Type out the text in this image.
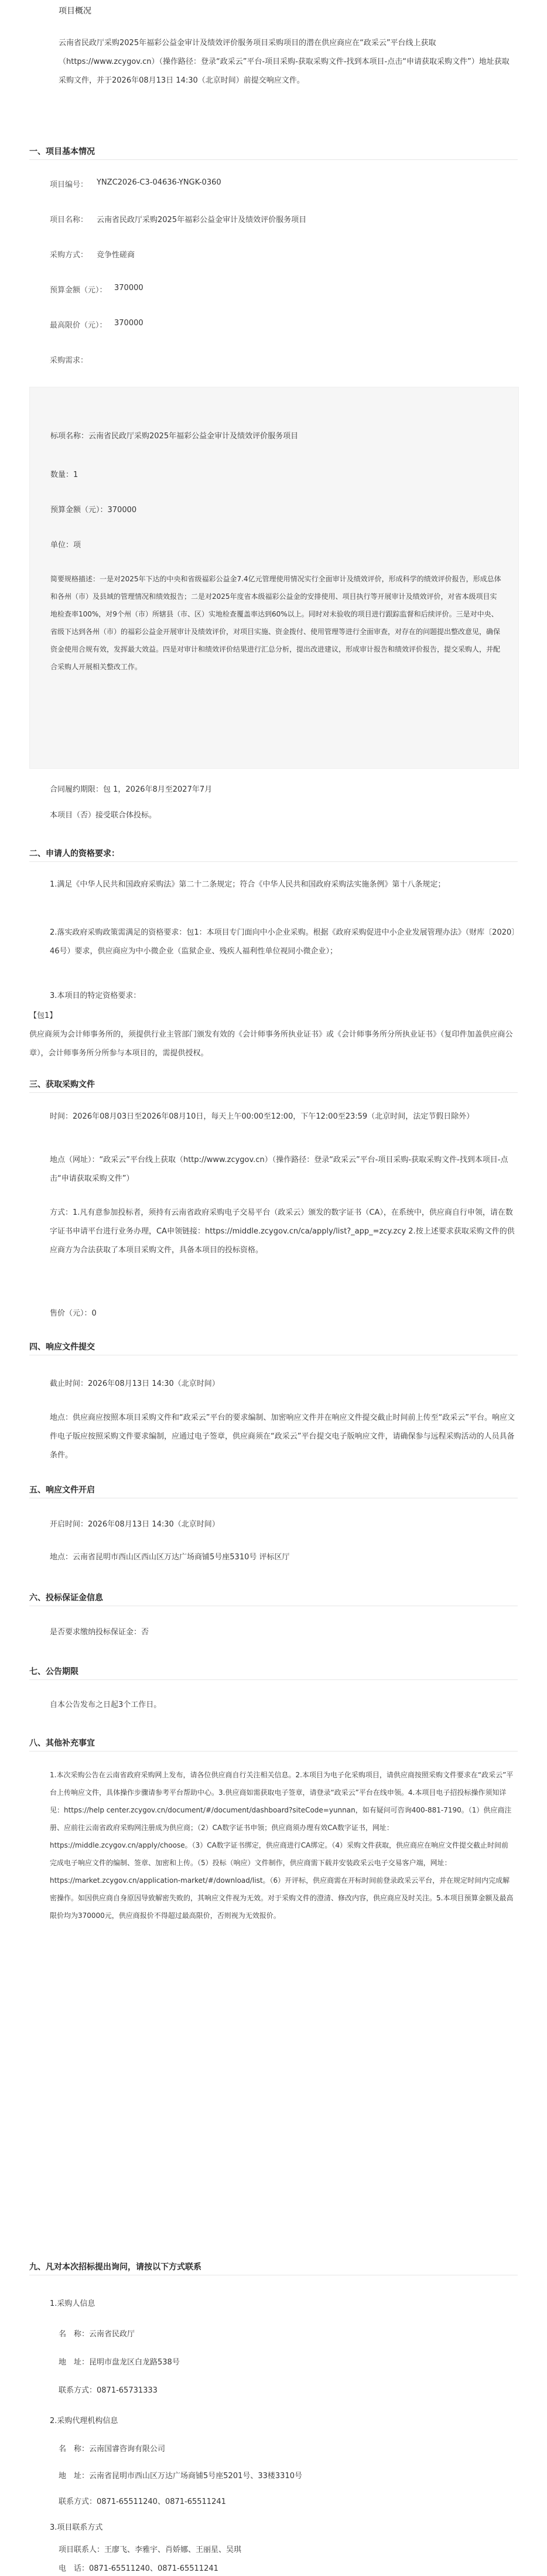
项目概况
云南省民政厅采购2025年福彩公益金审计及绩效评价服务项目采购项目的潜在供应商应在“政采云”平台线上获取（https://www.zcygov.cn）（操作路径：登录“政采云”平台-项目采购-获取采购文件-找到本项目-点击“申请获取采购文件”）地址获取采购文件，并于2026年08月13日 14:30（北京时间）前提交响应文件。
一、项目基本情况
项目编号： YNZC2026-C3-04636-YNGK-0360
项目名称： 云南省民政厅采购2025年福彩公益金审计及绩效评价服务项目
采购方式： 竞争性磋商
预算金额（元）： 370000
最高限价（元）： 370000
采购需求：
标项名称：云南省民政厅采购2025年福彩公益金审计及绩效评价服务项目
数量：1
预算金额（元）：370000
单位：项
简要规格描述：一是对2025年下达的中央和省级福彩公益金7.4亿元管理使用情况实行全面审计及绩效评价，形成科学的绩效评价报告，形成总体和各州（市）及县域的管理情况和绩效报告；二是对2025年度省本级福彩公益金的安排使用、项目执行等开展审计及绩效评价，对省本级项目实地检查率100%，对9个州（市）所辖县（市、区）实地检查覆盖率达到60%以上。同时对未验收的项目进行跟踪监督和后续评价。三是对中央、省级下达到各州（市）的福彩公益金开展审计及绩效评价，对项目实施、资金拨付、使用管理等进行全面审查，对存在的问题提出整改意见，确保资金使用合规有效，发挥最大效益。四是对审计和绩效评价结果进行汇总分析，提出改进建议，形成审计报告和绩效评价报告，提交采购人，并配合采购人开展相关整改工作。
合同履约期限：包 1，2026年8月至2027年7月
本项目（否）接受联合体投标。
二、申请人的资格要求：
1.满足《中华人民共和国政府采购法》第二十二条规定；符合《中华人民共和国政府采购法实施条例》第十八条规定；
2.落实政府采购政策需满足的资格要求：包1：本项目专门面向中小企业采购。根据《政府采购促进中小企业发展管理办法》（财库〔2020〕46号）要求，供应商应为中小微企业（监狱企业、残疾人福利性单位视同小微企业）；
3.本项目的特定资格要求：
【包1】
供应商须为会计师事务所的，须提供行业主管部门颁发有效的《会计师事务所执业证书》或《会计师事务所分所执业证书》（复印件加盖供应商公章），会计师事务所分所参与本项目的，需提供授权。
三、获取采购文件
时间：2026年08月03日至2026年08月10日，每天上午00:00至12:00，下午12:00至23:59（北京时间，法定节假日除外）
地点（网址）：“政采云”平台线上获取（http://www.zcygov.cn）（操作路径：登录“政采云”平台-项目采购-获取采购文件-找到本项目-点击“申请获取采购文件”）
方式：1.凡有意参加投标者，须持有云南省政府采购电子交易平台（政采云）颁发的数字证书（CA），在系统中，供应商自行申领，请在数字证书申请平台进行业务办理，CA申领链接：https://middle.zcygov.cn/ca/apply/list?_app_=zcy.zcy 2.按上述要求获取采购文件的供应商方为合法获取了本项目采购文件，具备本项目的投标资格。
售价（元）：0
四、响应文件提交
截止时间：2026年08月13日 14:30（北京时间）
地点：供应商应按照本项目采购文件和“政采云”平台的要求编制、加密响应文件并在响应文件提交截止时间前上传至“政采云”平台。响应文件电子版应按照采购文件要求编制，应通过电子签章，供应商须在“政采云”平台提交电子版响应文件，请确保参与远程采购活动的人员具备条件。
五、响应文件开启
开启时间：2026年08月13日 14:30（北京时间）
地点：云南省昆明市西山区西山区万达广场商铺5号座5310号 评标区厅
六、投标保证金信息
是否要求缴纳投标保证金：否
七、公告期限
自本公告发布之日起3个工作日。
八、其他补充事宜
1.本次采购公告在云南省政府采购网上发布，请各位供应商自行关注相关信息。2.本项目为电子化采购项目，请供应商按照采购文件要求在“政采云”平台上传响应文件，具体操作步骤请参考平台帮助中心。3.供应商如需获取电子签章，请登录“政采云”平台在线申领。4.本项目电子招投标操作须知详见：https://help center.zcygov.cn/document/#/document/dashboard?siteCode=yunnan，如有疑问可咨询400-881-7190。（1）供应商注册、应前往云南省政府采购网注册成为供应商；（2）CA数字证书申领；供应商须办理有效CA数字证书，网址：https://middle.zcygov.cn/apply/choose。（3）CA数字证书绑定，供应商进行CA绑定。（4）采购文件获取，供应商应在响应文件提交截止时间前完成电子响应文件的编制、签章、加密和上传。（5）投标（响应）文件制作，供应商需下载并安装政采云电子交易客户端，网址：https://market.zcygov.cn/application-market/#/download/list。（6）开评标，供应商需在开标时间前登录政采云平台，并在规定时间内完成解密操作。如因供应商自身原因导致解密失败的，其响应文件视为无效。对于采购文件的澄清、修改内容，供应商应及时关注。5.本项目预算金额及最高限价均为370000元，供应商报价不得超过最高限价，否则视为无效报价。
九、凡对本次招标提出询问，请按以下方式联系
1.采购人信息
名　称：云南省民政厅
地　址：昆明市盘龙区白龙路538号
联系方式：0871-65731333
2.采购代理机构信息
名　称：云南国睿咨询有限公司
地　址：云南省昆明市西山区万达广场商铺5号座5201号、33楼3310号
联系方式：0871-65511240、0871-65511241
3.项目联系方式
项目联系人：王廖飞、李雅宇、肖娇娜、王丽星、吴琪
电　话：0871-65511240、0871-65511241
